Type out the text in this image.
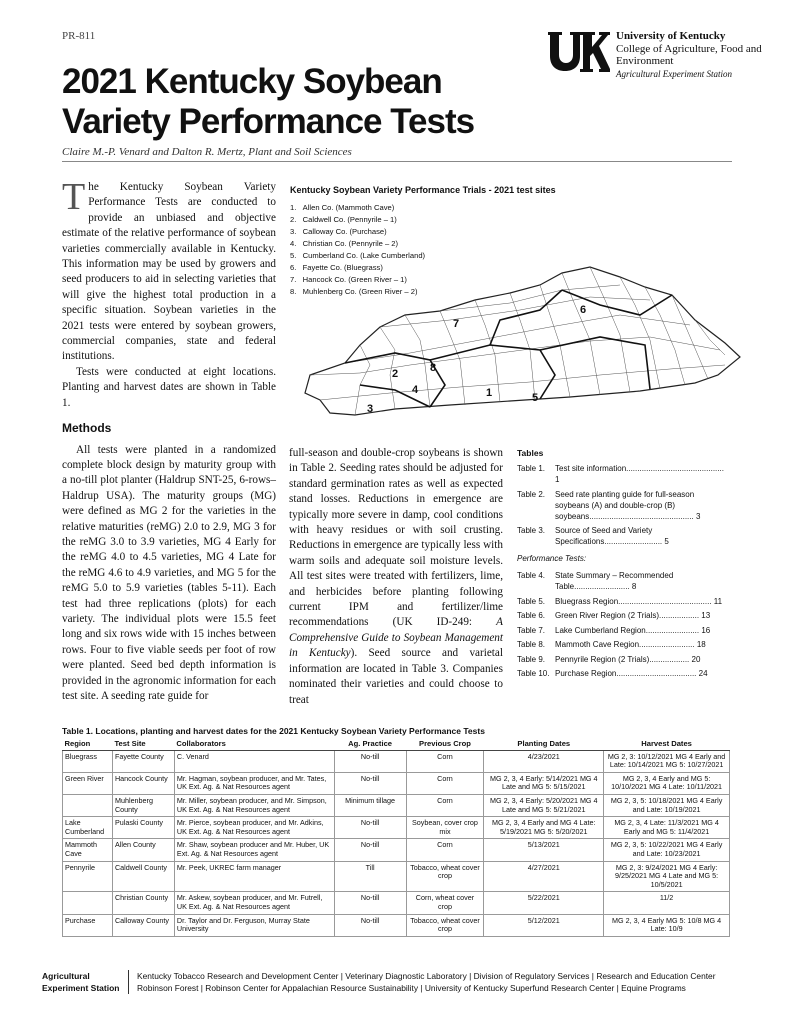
PR-811	University of Kentucky
College of Agriculture, Food and Environment
Agricultural Experiment Station
2021 Kentucky Soybean Variety Performance Tests
Claire M.-P. Venard and Dalton R. Mertz, Plant and Soil Sciences

The Kentucky Soybean Variety Performance Tests are conducted to provide an unbiased and objective estimate of the relative performance of soybean varieties commercially available in Kentucky. This information may be used by growers and seed producers to aid in selecting varieties that will give the highest total production in a specific situation. Soybean varieties in the 2021 tests were entered by soybean growers, commercial companies, state and federal institutions.

Tests were conducted at eight locations. Planting and harvest dates are shown in Table 1.

Methods

All tests were planted in a randomized complete block design by maturity group with a no-till plot planter (Haldrup SNT-25, 6-rows–Haldrup USA). The maturity groups (MG) were defined as MG 2 for the varieties in the relative maturities (reMG) 2.0 to 2.9, MG 3 for the reMG 3.0 to 3.9 varieties, MG 4 Early for the reMG 4.0 to 4.5 varieties, MG 4 Late for the reMG 4.6 to 4.9 varieties, and MG 5 for the reMG 5.0 to 5.9 varieties (tables 5-11). Each test had three replications (plots) for each variety. The individual plots were 15.5 feet long and six rows wide with 15 inches between rows. Four to five viable seeds per foot of row were planted. Seed bed depth information is provided in the agronomic information for each test site. A seeding rate guide for

Kentucky Soybean Variety Performance Trials - 2021 test sites
1.   Allen Co. (Mammoth Cave)
2.   Caldwell Co. (Pennyrile – 1)
3.   Calloway Co. (Purchase)
4.   Christian Co. (Pennyrile – 2)
5.   Cumberland Co. (Lake Cumberland)
6.   Fayette Co. (Bluegrass)
7.   Hancock Co. (Green River – 1)
8.   Muhlenberg Co. (Green River – 2)
1
2
3
4
5
6
7
8
full-season and double-crop soybeans is shown in Table 2. Seeding rates should be adjusted for standard germination rates as well as expected stand losses. Reductions in emergence are typically more severe in damp, cool conditions with heavy residues or with soil crusting. Reductions in emergence are typically less with warm soils and adequate soil moisture levels. All test sites were treated with fertilizers, lime, and herbicides before planting following current IPM and fertilizer/lime recommendations (UK ID-249: A Comprehensive Guide to Soybean Management in Kentucky). Seed source and varietal information are located in Table 3. Companies nominated their varieties and could choose to treat
Tables
Table 1.	Test site information............................................ 1
Table 2.	Seed rate planting guide for full-season soybeans (A) and double-crop (B) soybeans............................................... 3
Table 3.	Source of Seed and Variety Specifications.......................... 5
Performance Tests:
Table 4.	State Summary – Recommended Table......................... 8
Table 5.	Bluegrass Region.......................................... 11
Table 6.	Green River Region (2 Trials).................. 13
Table 7.	Lake Cumberland Region........................ 16
Table 8.	Mammoth Cave Region......................... 18
Table 9.	Pennyrile Region (2 Trials).................. 20
Table 10. Purchase Region.................................... 24
Table 1. Locations, planting and harvest dates for the 2021 Kentucky Soybean Variety Performance Tests
Region	Test Site	Collaborators	Ag. Practice	Previous Crop	Planting Dates	Harvest Dates
Bluegrass	Fayette County	C. Venard	No-till	Corn	4/23/2021	MG 2, 3: 10/12/2021 MG 4 Early and Late: 10/14/2021 MG 5: 10/27/2021
Green River	Hancock County	Mr. Hagman, soybean producer, and Mr. Tates, UK Ext. Ag. & Nat Resources agent	No-till	Corn	MG 2, 3, 4 Early: 5/14/2021 MG 4 Late and MG 5: 5/15/2021	MG 2, 3, 4 Early and MG 5: 10/10/2021 MG 4 Late: 10/11/2021
	Muhlenberg County	Mr. Miller, soybean producer, and Mr. Simpson, UK Ext. Ag. & Nat Resources agent	Minimum tillage	Corn	MG 2, 3, 4 Early: 5/20/2021 MG 4 Late and MG 5: 5/21/2021	MG 2, 3, 5: 10/18/2021 MG 4 Early and Late: 10/19/2021
Lake Cumberland	Pulaski County	Mr. Pierce, soybean producer, and Mr. Adkins, UK Ext. Ag. & Nat Resources agent	No-till	Soybean, cover crop mix	MG 2, 3, 4 Early and MG 4 Late: 5/19/2021 MG 5: 5/20/2021	MG 2, 3, 4 Late: 11/3/2021 MG 4 Early and MG 5: 11/4/2021
Mammoth Cave	Allen County	Mr. Shaw, soybean producer and Mr. Huber, UK Ext. Ag. & Nat Resources agent	No-till	Corn	5/13/2021	MG 2, 3, 5: 10/22/2021 MG 4 Early and Late: 10/23/2021
Pennyrile	Caldwell County	Mr. Peek, UKREC farm manager	Till	Tobacco, wheat cover crop	4/27/2021	MG 2, 3: 9/24/2021 MG 4 Early: 9/25/2021 MG 4 Late and MG 5: 10/5/2021
	Christian County	Mr. Askew, soybean producer, and Mr. Futrell, UK Ext. Ag. & Nat Resources agent	No-till	Corn, wheat cover crop	5/22/2021	11/2
Purchase	Calloway County	Dr. Taylor and Dr. Ferguson, Murray State University	No-till	Tobacco, wheat cover crop	5/12/2021	MG 2, 3, 4 Early MG 5: 10/8 MG 4 Late: 10/9
Agricultural Experiment Station
Kentucky Tobacco Research and Development Center | Veterinary Diagnostic Laboratory | Division of Regulatory Services | Research and Education Center
Robinson Forest | Robinson Center for Appalachian Resource Sustainability | University of Kentucky Superfund Research Center | Equine Programs
